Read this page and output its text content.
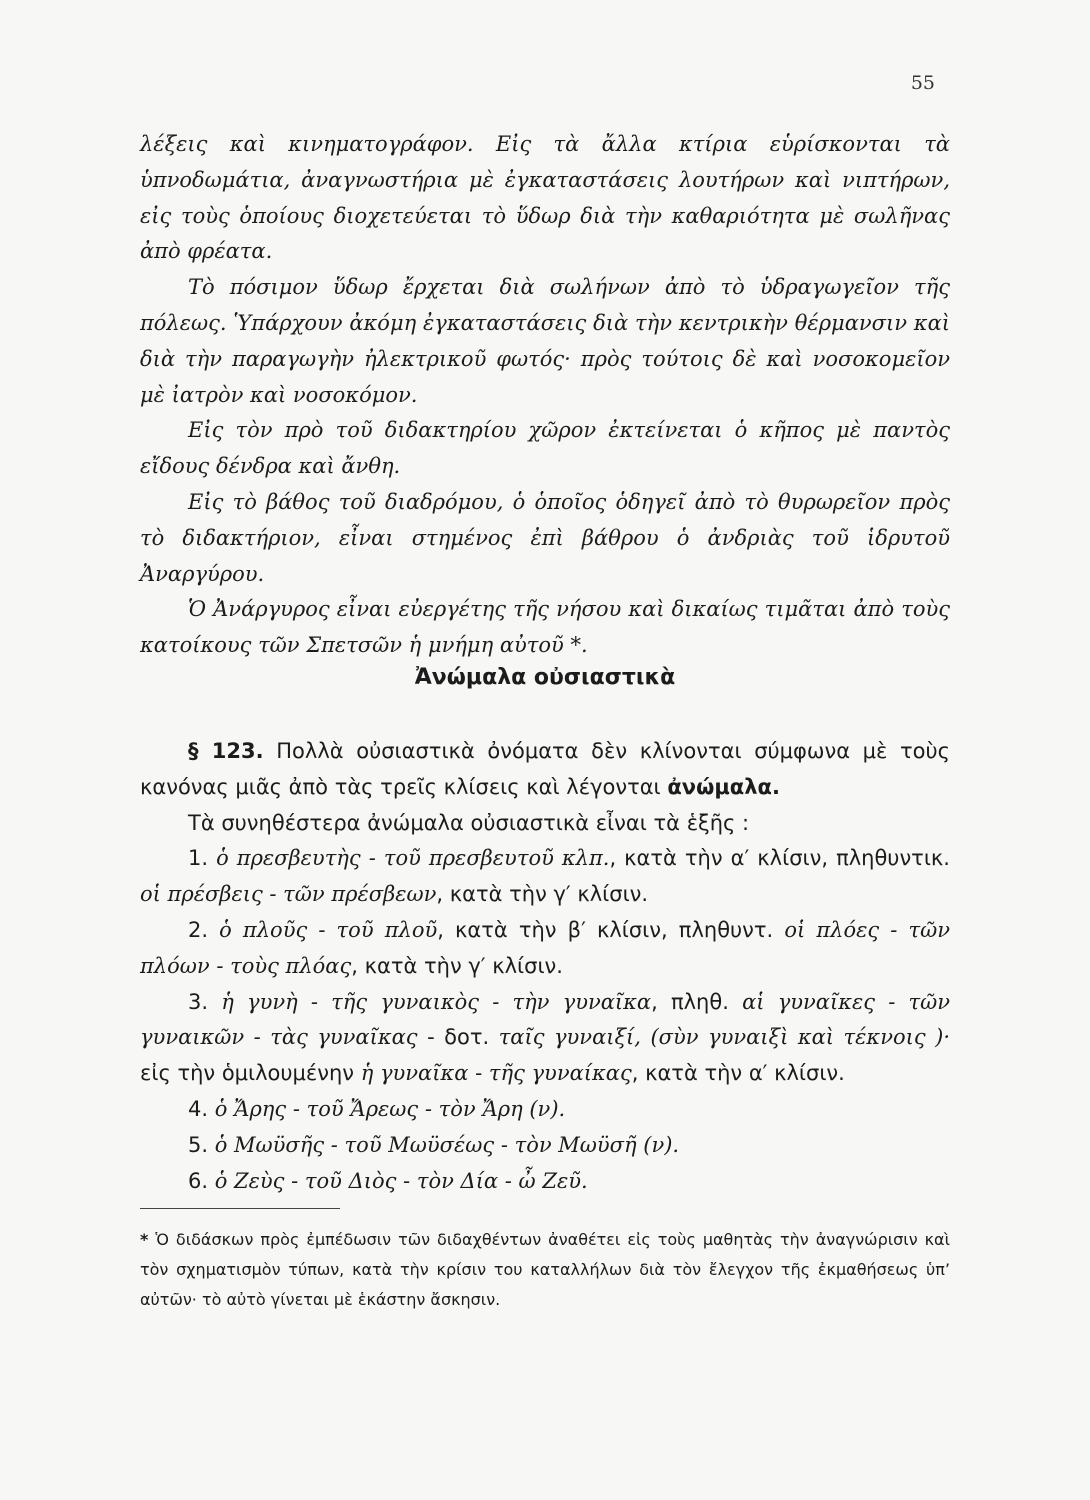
55

λέξεις καὶ κινηματογράφον. Εἰς τὰ ἄλλα κτίρια εὑρίσκονται τὰ ὑπνοδωμάτια, ἀναγνωστήρια μὲ ἐγκαταστάσεις λουτήρων καὶ νιπτήρων, εἰς τοὺς ὁποίους διοχετεύεται τὸ ὕδωρ διὰ τὴν καθαριότητα μὲ σωλῆνας ἀπὸ φρέατα.

Τὸ πόσιμον ὕδωρ ἔρχεται διὰ σωλήνων ἀπὸ τὸ ὑδραγωγεῖον τῆς πόλεως. Ὑπάρχουν ἀκόμη ἐγκαταστάσεις διὰ τὴν κεντρικὴν θέρμανσιν καὶ διὰ τὴν παραγωγὴν ἠλεκτρικοῦ φωτός· πρὸς τούτοις δὲ καὶ νοσοκομεῖον μὲ ἰατρὸν καὶ νοσοκόμον.

Εἰς τὸν πρὸ τοῦ διδακτηρίου χῶρον ἐκτείνεται ὁ κῆπος μὲ παντὸς εἴδους δένδρα καὶ ἄνθη.

Εἰς τὸ βάθος τοῦ διαδρόμου, ὁ ὁποῖος ὁδηγεῖ ἀπὸ τὸ θυρωρεῖον πρὸς τὸ διδακτήριον, εἶναι στημένος ἐπὶ βάθρου ὁ ἀνδριὰς τοῦ ἱδρυτοῦ Ἀναργύρου.

Ὁ Ἀνάργυρος εἶναι εὐεργέτης τῆς νήσου καὶ δικαίως τιμᾶται ἀπὸ τοὺς κατοίκους τῶν Σπετσῶν ἡ μνήμη αὐτοῦ *.

Ἀνώμαλα οὐσιαστικὰ

§ 123. Πολλὰ οὐσιαστικὰ ὀνόματα δὲν κλίνονται σύμφωνα μὲ τοὺς κανόνας μιᾶς ἀπὸ τὰς τρεῖς κλίσεις καὶ λέγονται ἀνώμαλα.

Τὰ συνηθέστερα ἀνώμαλα οὐσιαστικὰ εἶναι τὰ ἑξῆς :

1. ὁ πρεσβευτὴς - τοῦ πρεσβευτοῦ κλπ., κατὰ τὴν α′ κλίσιν, πληθυντικ. οἱ πρέσβεις - τῶν πρέσβεων, κατὰ τὴν γ′ κλίσιν.

2. ὁ πλοῦς - τοῦ πλοῦ, κατὰ τὴν β′ κλίσιν, πληθυντ. οἱ πλόες - τῶν πλόων - τοὺς πλόας, κατὰ τὴν γ′ κλίσιν.

3. ἡ γυνὴ - τῆς γυναικὸς - τὴν γυναῖκα, πληθ. αἱ γυναῖκες - τῶν γυναικῶν - τὰς γυναῖκας - δοτ. ταῖς γυναιξί, (σὺν γυναιξὶ καὶ τέκνοις )· εἰς τὴν ὁμιλουμένην ἡ γυναῖκα - τῆς γυναίκας, κατὰ τὴν α′ κλίσιν.

4. ὁ Ἄρης - τοῦ Ἄρεως - τὸν Ἄρη (ν).

5. ὁ Μωϋσῆς - τοῦ Μωϋσέως - τὸν Μωϋσῆ (ν).

6. ὁ Ζεὺς - τοῦ Διὸς - τὸν Δία - ὦ Ζεῦ.

* Ὁ διδάσκων πρὸς ἐμπέδωσιν τῶν διδαχθέντων ἀναθέτει εἰς τοὺς μαθητὰς τὴν ἀναγνώρισιν καὶ τὸν σχηματισμὸν τύπων, κατὰ τὴν κρίσιν του καταλλήλων διὰ τὸν ἔλεγχον τῆς ἐκμαθήσεως ὑπ’ αὐτῶν· τὸ αὐτὸ γίνεται μὲ ἑκάστην ἄσκησιν.
